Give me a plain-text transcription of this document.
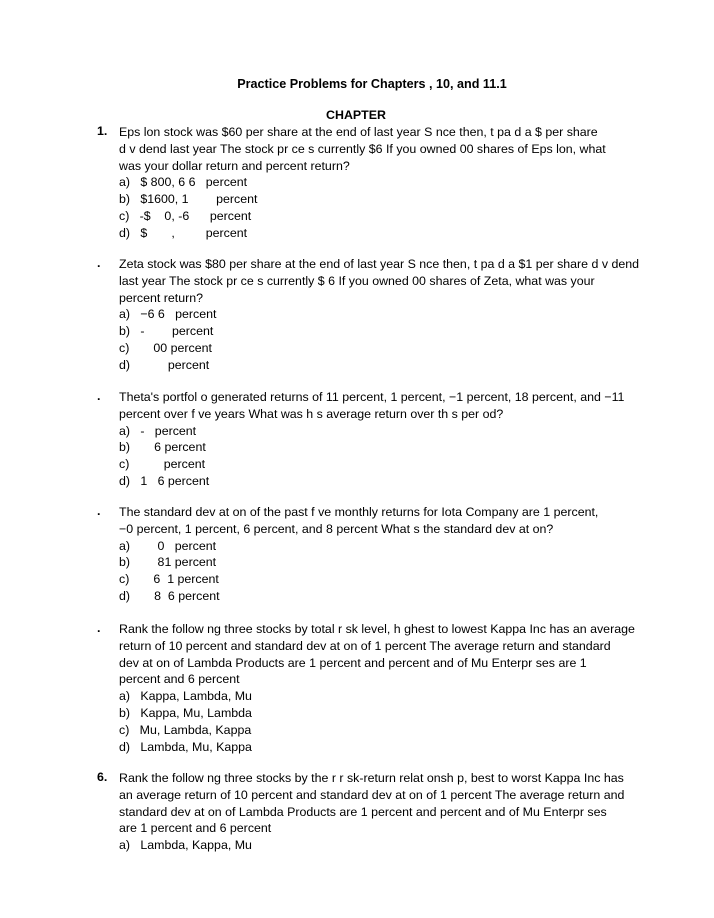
Practice Problems for Chapters , 10, and 11.1
CHAPTER
1. Eps lon stock was $60 per share at the end of last year S nce then, t pa d a $ per share
d v dend last year The stock pr ce s currently $6 If you owned 00 shares of Eps lon, what
was your dollar return and percent return?
a)   $ 800, 6 6   percent
b)   $1600, 1        percent
c)   -$    0, -6      percent
d)   $       ,         percent
.	Zeta stock was $80 per share at the end of last year S nce then, t pa d a $1 per share d v dend
last year The stock pr ce s currently $ 6 If you owned 00 shares of Zeta, what was your
percent return?
a)   −6 6   percent
b)   -        percent
c)       00 percent
d)           percent
.	Theta's portfol o generated returns of 11 percent, 1 percent, −1 percent, 18 percent, and −11
percent over f ve years What was h s average return over th s per od?
a)   -   percent
b)       6 percent
c)          percent
d)   1   6 percent
.	The standard dev at on of the past f ve monthly returns for Iota Company are 1 percent,
−0 percent, 1 percent, 6 percent, and 8 percent What s the standard dev at on?
a)        0   percent
b)        81 percent
c)       6  1 percent
d)       8  6 percent
.	Rank the follow ng three stocks by total r sk level, h ghest to lowest Kappa Inc has an average
return of 10 percent and standard dev at on of 1 percent The average return and standard
dev at on of Lambda Products are 1 percent and percent and of Mu Enterpr ses are 1
percent and 6 percent
a)   Kappa, Lambda, Mu
b)   Kappa, Mu, Lambda
c)   Mu, Lambda, Kappa
d)   Lambda, Mu, Kappa
6. Rank the follow ng three stocks by the r r sk-return relat onsh p, best to worst Kappa Inc has
an average return of 10 percent and standard dev at on of 1 percent The average return and
standard dev at on of Lambda Products are 1 percent and percent and of Mu Enterpr ses
are 1 percent and 6 percent
a)   Lambda, Kappa, Mu
